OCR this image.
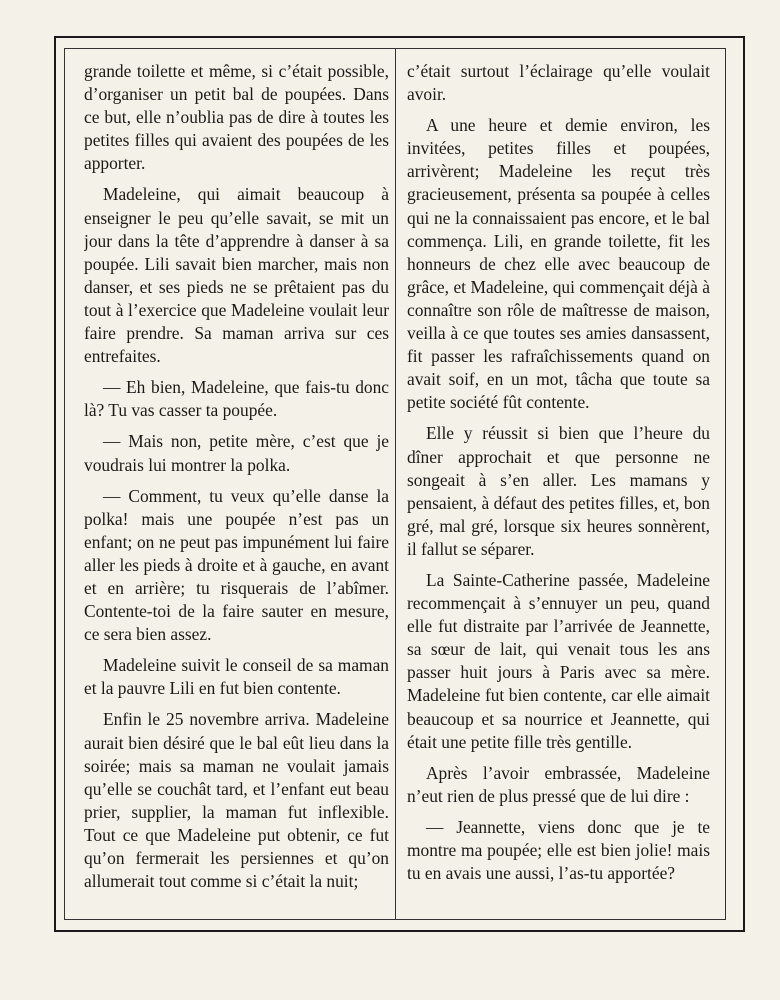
grande toilette et même, si c’était possible, d’organiser un petit bal de poupées. Dans ce but, elle n’oublia pas de dire à toutes les petites filles qui avaient des poupées de les apporter.

Madeleine, qui aimait beaucoup à enseigner le peu qu’elle savait, se mit un jour dans la tête d’apprendre à danser à sa poupée. Lili savait bien marcher, mais non danser, et ses pieds ne se prêtaient pas du tout à l’exercice que Madeleine voulait leur faire prendre. Sa maman arriva sur ces entrefaites.

— Eh bien, Madeleine, que fais-tu donc là? Tu vas casser ta poupée.

— Mais non, petite mère, c’est que je voudrais lui montrer la polka.

— Comment, tu veux qu’elle danse la polka! mais une poupée n’est pas un enfant; on ne peut pas impunément lui faire aller les pieds à droite et à gauche, en avant et en arrière; tu risquerais de l’abîmer. Contente-toi de la faire sauter en mesure, ce sera bien assez.

Madeleine suivit le conseil de sa maman et la pauvre Lili en fut bien contente.

Enfin le 25 novembre arriva. Madeleine aurait bien désiré que le bal eût lieu dans la soirée; mais sa maman ne voulait jamais qu’elle se couchât tard, et l’enfant eut beau prier, supplier, la maman fut inflexible. Tout ce que Madeleine put obtenir, ce fut qu’on fermerait les persiennes et qu’on allumerait tout comme si c’était la nuit;

c’était surtout l’éclairage qu’elle voulait avoir.

A une heure et demie environ, les invitées, petites filles et poupées, arrivèrent; Madeleine les reçut très gracieusement, présenta sa poupée à celles qui ne la connaissaient pas encore, et le bal commença. Lili, en grande toilette, fit les honneurs de chez elle avec beaucoup de grâce, et Madeleine, qui commençait déjà à connaître son rôle de maîtresse de maison, veilla à ce que toutes ses amies dansassent, fit passer les rafraîchissements quand on avait soif, en un mot, tâcha que toute sa petite société fût contente.

Elle y réussit si bien que l’heure du dîner approchait et que personne ne songeait à s’en aller. Les mamans y pensaient, à défaut des petites filles, et, bon gré, mal gré, lorsque six heures sonnèrent, il fallut se séparer.

La Sainte-Catherine passée, Madeleine recommençait à s’ennuyer un peu, quand elle fut distraite par l’arrivée de Jeannette, sa sœur de lait, qui venait tous les ans passer huit jours à Paris avec sa mère. Madeleine fut bien contente, car elle aimait beaucoup et sa nourrice et Jeannette, qui était une petite fille très gentille.

Après l’avoir embrassée, Madeleine n’eut rien de plus pressé que de lui dire :

— Jeannette, viens donc que je te montre ma poupée; elle est bien jolie! mais tu en avais une aussi, l’as-tu apportée?
